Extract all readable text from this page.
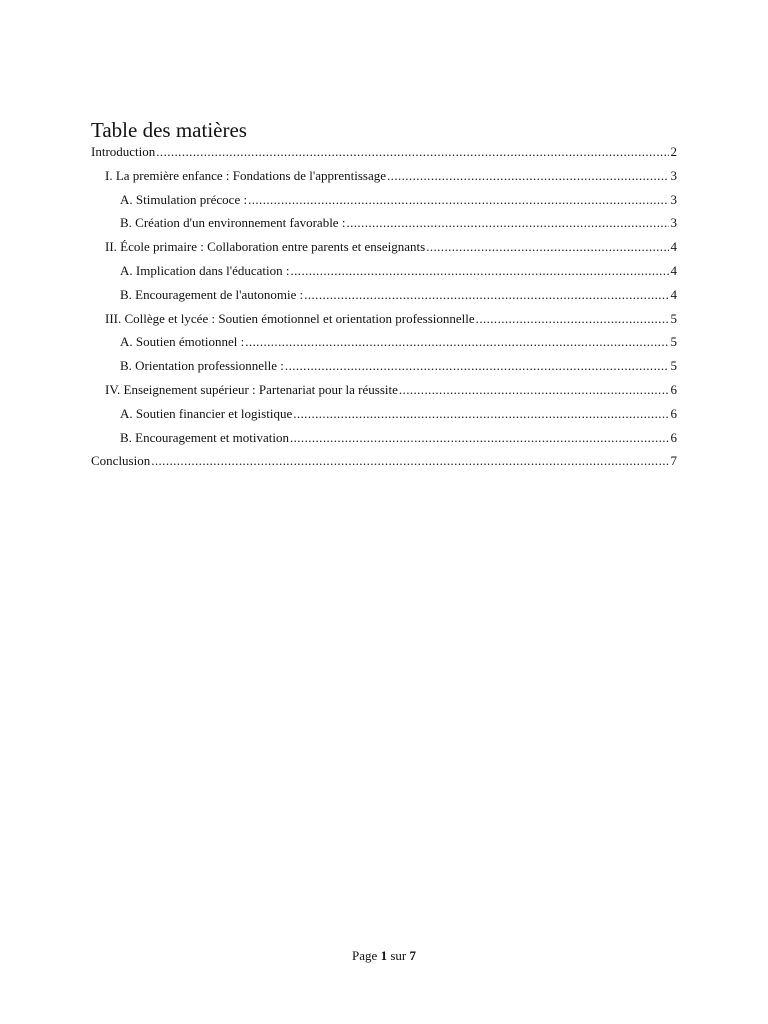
Table des matières
Introduction .....	2
I. La première enfance : Fondations de l'apprentissage .....	3
A. Stimulation précoce : .....	3
B. Création d'un environnement favorable : .....	3
II. École primaire : Collaboration entre parents et enseignants .....	4
A. Implication dans l'éducation : .....	4
B. Encouragement de l'autonomie : .....	4
III. Collège et lycée : Soutien émotionnel et orientation professionnelle .....	5
A. Soutien émotionnel : .....	5
B. Orientation professionnelle : .....	5
IV. Enseignement supérieur : Partenariat pour la réussite .....	6
A. Soutien financier et logistique .....	6
B. Encouragement et motivation .....	6
Conclusion .....	7
Page 1 sur 7
